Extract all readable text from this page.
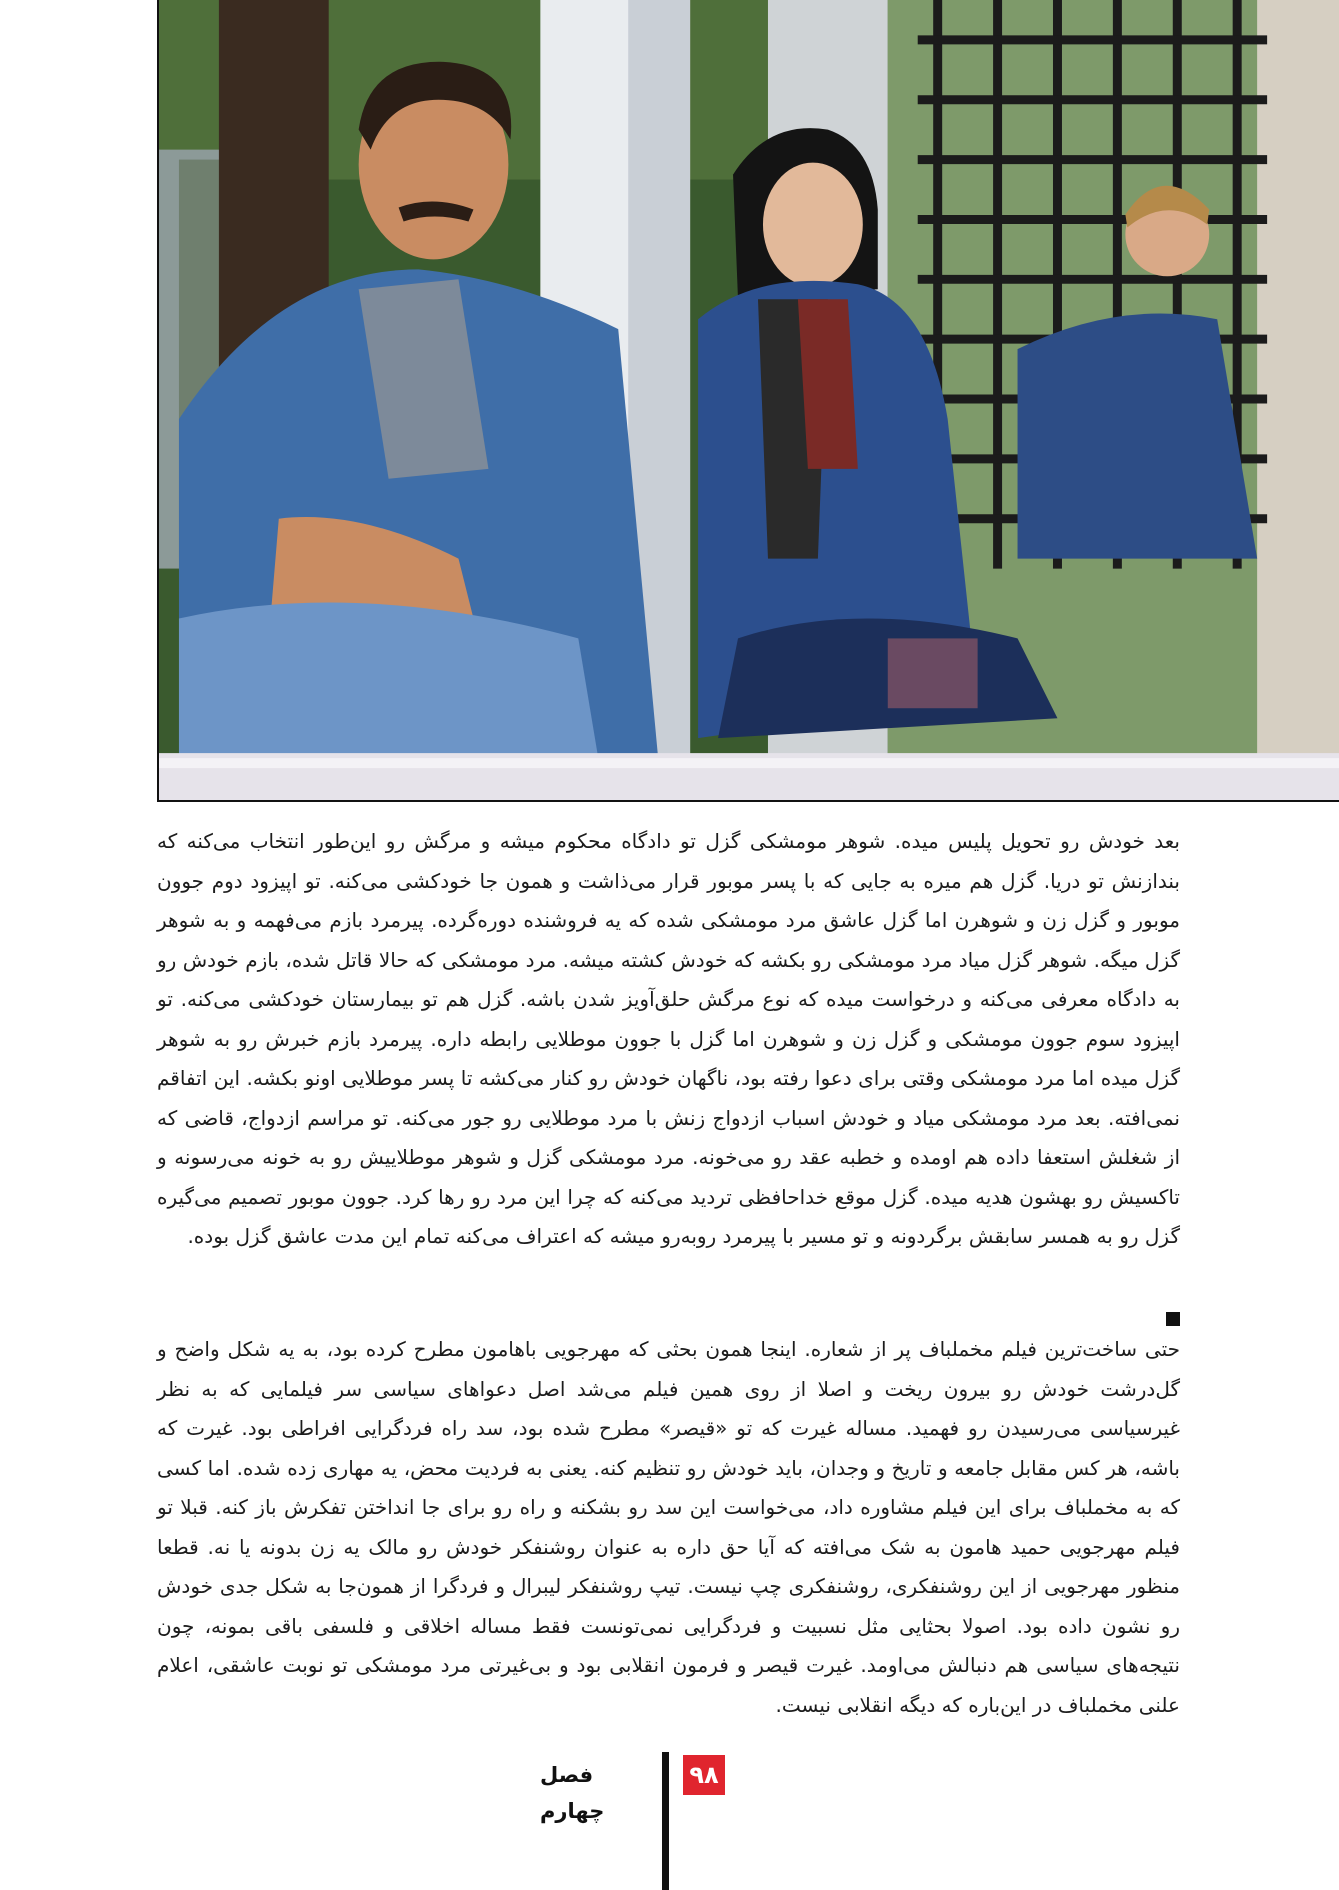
بعد خودش رو تحویل پلیس میده. شوهر مومشکی گزل تو دادگاه محکوم میشه و مرگش رو این‌طور انتخاب می‌کنه که بندازنش تو دریا. گزل هم میره به جایی که با پسر موبور قرار می‌ذاشت و همون جا خودکشی می‌کنه. تو اپیزود دوم جوون موبور و گزل زن و شوهرن اما گزل عاشق مرد مومشکی شده که یه فروشنده دوره‌گرده. پیرمرد بازم می‌فهمه و به شوهر گزل میگه. شوهر گزل میاد مرد مومشکی رو بکشه که خودش کشته میشه. مرد مومشکی که حالا قاتل شده، بازم خودش رو به دادگاه معرفی می‌کنه و درخواست میده که نوع مرگش حلق‌آویز شدن باشه. گزل هم تو بیمارستان خودکشی می‌کنه. تو اپیزود سوم جوون مومشکی و گزل زن و شوهرن اما گزل با جوون موطلایی رابطه داره. پیرمرد بازم خبرش رو به شوهر گزل میده اما مرد مومشکی وقتی برای دعوا رفته بود، ناگهان خودش رو کنار می‌کشه تا پسر موطلایی اونو بکشه. این اتفاقم نمی‌افته. بعد مرد مومشکی میاد و خودش اسباب ازدواج زنش با مرد موطلایی رو جور می‌کنه. تو مراسم ازدواج، قاضی که از شغلش استعفا داده هم اومده و خطبه عقد رو می‌خونه. مرد مومشکی گزل و شوهر موطلاییش رو به خونه می‌رسونه و تاکسیش رو بهشون هدیه میده. گزل موقع خداحافظی تردید می‌کنه که چرا این مرد رو رها کرد. جوون موبور تصمیم می‌گیره گزل رو به همسر سابقش برگردونه و تو مسیر با پیرمرد روبه‌رو میشه که اعتراف می‌کنه تمام این مدت عاشق گزل بوده.

حتی ساخت‌ترین فیلم مخملباف پر از شعاره. اینجا همون بحثی که مهرجویی باهامون مطرح کرده بود، به یه شکل واضح و گل‌درشت خودش رو بیرون ریخت و اصلا از روی همین فیلم می‌شد اصل دعواهای سیاسی سر فیلمایی که به نظر غیرسیاسی می‌رسیدن رو فهمید. مساله غیرت که تو «قیصر» مطرح شده بود، سد راه فردگرایی افراطی بود. غیرت که باشه، هر کس مقابل جامعه و تاریخ و وجدان، باید خودش رو تنظیم کنه. یعنی به فردیت محض، یه مهاری زده شده. اما کسی که به مخملباف برای این فیلم مشاوره داد، می‌خواست این سد رو بشکنه و راه رو برای جا انداختن تفکرش باز کنه. قبلا تو فیلم مهرجویی حمید هامون به شک می‌افته که آیا حق داره به عنوان روشنفکر خودش رو مالک یه زن بدونه یا نه. قطعا منظور مهرجویی از این روشنفکری، روشنفکری چپ نیست. تیپ روشنفکر لیبرال و فردگرا از همون‌جا به شکل جدی خودش رو نشون داده بود. اصولا بحثایی مثل نسبیت و فردگرایی نمی‌تونست فقط مساله اخلاقی و فلسفی باقی بمونه، چون نتیجه‌های سیاسی هم دنبالش می‌اومد. غیرت قیصر و فرمون انقلابی بود و بی‌غیرتی مرد مومشکی تو نوبت عاشقی، اعلام علنی مخملباف در این‌باره که دیگه انقلابی نیست.

۹۸
فصل چهارم
